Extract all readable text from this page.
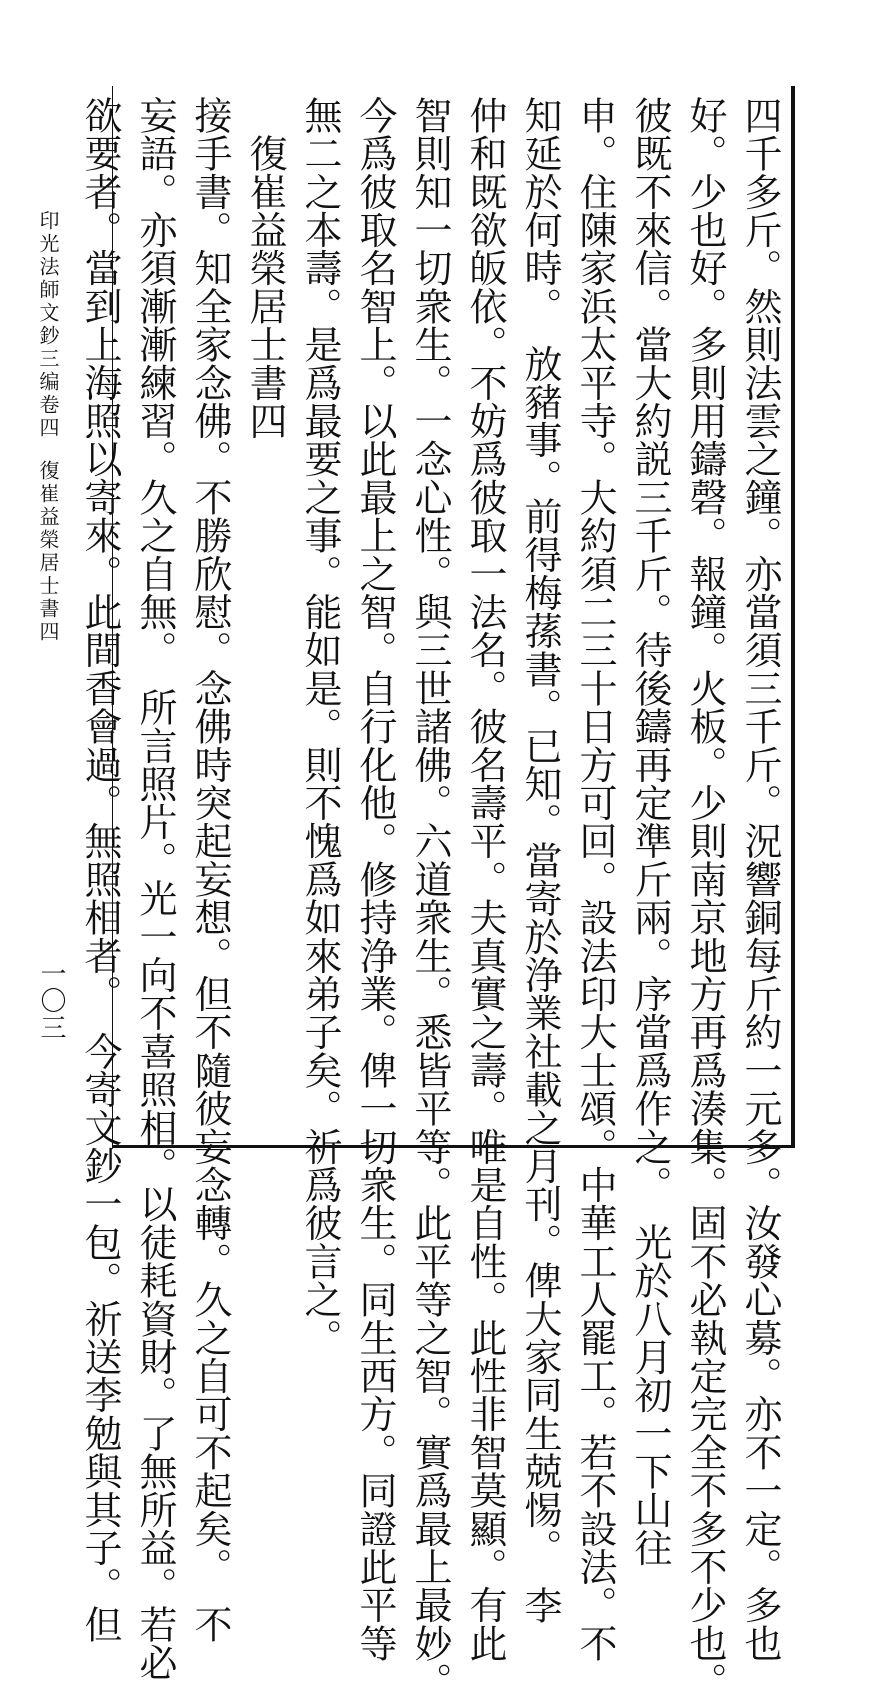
四千多斤。然則法雲之鐘。亦當須三千斤。況響銅每斤約一元多。汝發心募。亦不一定。多也
好。少也好。多則用鑄磬。報鐘。火板。少則南京地方再爲湊集。固不必執定完全不多不少也。
彼既不來信。當大約説三千斤。待後鑄再定準斤兩。序當爲作之。　光於八月初一下山往
申。住陳家浜太平寺。大約須二三十日方可回。設法印大士頌。中華工人罷工。若不設法。不
知延於何時。　放豬事。前得梅蓀書。已知。當寄於浄業社載之月刊。俾大家同生兢惕。　李
仲和既欲皈依。不妨爲彼取一法名。彼名壽平。夫真實之壽。唯是自性。此性非智莫顯。有此
智則知一切衆生。一念心性。與三世諸佛。六道衆生。悉皆平等。此平等之智。實爲最上最妙。
今爲彼取名智上。以此最上之智。自行化他。修持浄業。俾一切衆生。同生西方。同證此平等
無二之本壽。是爲最要之事。能如是。則不愧爲如來弟子矣。祈爲彼言之。
　復崔益榮居士書四
接手書。知全家念佛。不勝欣慰。念佛時突起妄想。但不隨彼妄念轉。久之自可不起矣。　不
妄語。亦須漸漸練習。久之自無。　所言照片。光一向不喜照相。以徒耗資財。了無所益。若必
欲要者。當到上海照以寄來。此間香會過。無照相者。　今寄文鈔一包。祈送李勉與其子。但
印光法師文鈔三编卷四
復崔益榮居士書四
一〇三
